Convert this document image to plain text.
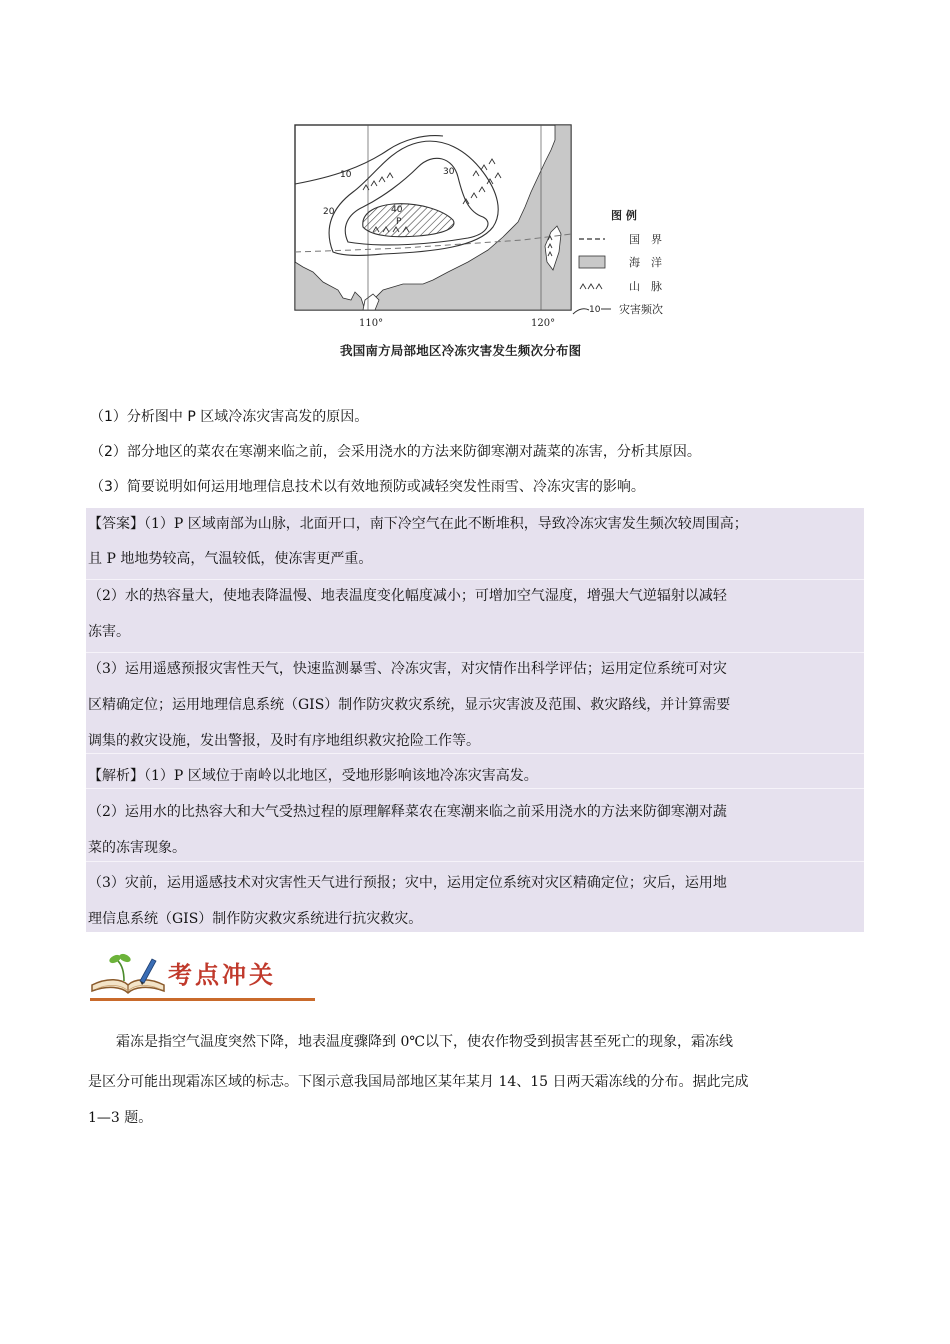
10
20
30
40
P
110°	120°
图 例
国　界
海　洋
山　脉
10 灾害频次
我国南方局部地区冷冻灾害发生频次分布图
（1）分析图中 P 区域冷冻灾害高发的原因。
（2）部分地区的菜农在寒潮来临之前，会采用浇水的方法来防御寒潮对蔬菜的冻害，分析其原因。
（3）简要说明如何运用地理信息技术以有效地预防或减轻突发性雨雪、冷冻灾害的影响。
【答案】（1）P 区域南部为山脉，北面开口，南下冷空气在此不断堆积，导致冷冻灾害发生频次较周围高；
且 P 地地势较高，气温较低，使冻害更严重。
（2）水的热容量大，使地表降温慢、地表温度变化幅度减小；可增加空气湿度，增强大气逆辐射以减轻
冻害。
（3）运用遥感预报灾害性天气，快速监测暴雪、冷冻灾害，对灾情作出科学评估；运用定位系统可对灾
区精确定位；运用地理信息系统（GIS）制作防灾救灾系统，显示灾害波及范围、救灾路线，并计算需要
调集的救灾设施，发出警报，及时有序地组织救灾抢险工作等。
【解析】（1）P 区域位于南岭以北地区，受地形影响该地冷冻灾害高发。
（2）运用水的比热容大和大气受热过程的原理解释菜农在寒潮来临之前采用浇水的方法来防御寒潮对蔬
菜的冻害现象。
（3）灾前，运用遥感技术对灾害性天气进行预报；灾中，运用定位系统对灾区精确定位；灾后，运用地
理信息系统（GIS）制作防灾救灾系统进行抗灾救灾。
考点冲关
霜冻是指空气温度突然下降，地表温度骤降到 0℃以下，使农作物受到损害甚至死亡的现象，霜冻线
是区分可能出现霜冻区域的标志。下图示意我国局部地区某年某月 14、15 日两天霜冻线的分布。据此完成
1—3 题。
